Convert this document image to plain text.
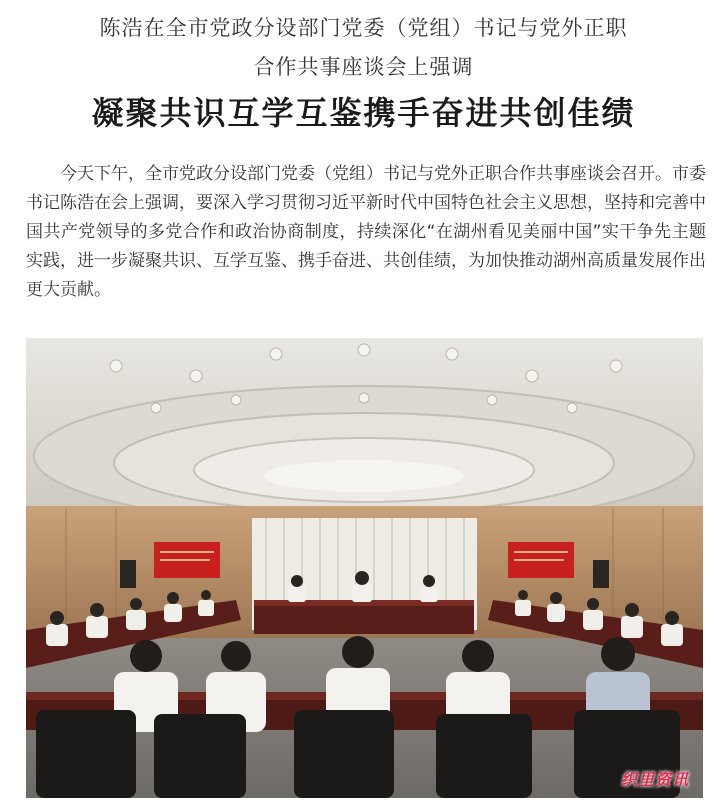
陈浩在全市党政分设部门党委（党组）书记与党外正职
合作共事座谈会上强调
凝聚共识互学互鉴携手奋进共创佳绩

今天下午，全市党政分设部门党委（党组）书记与党外正职合作共事座谈会召开。市委书记陈浩在会上强调，要深入学习贯彻习近平新时代中国特色社会主义思想，坚持和完善中国共产党领导的多党合作和政治协商制度，持续深化“在湖州看见美丽中国”实干争先主题实践，进一步凝聚共识、互学互鉴、携手奋进、共创佳绩，为加快推动湖州高质量发展作出更大贡献。

织里资讯
